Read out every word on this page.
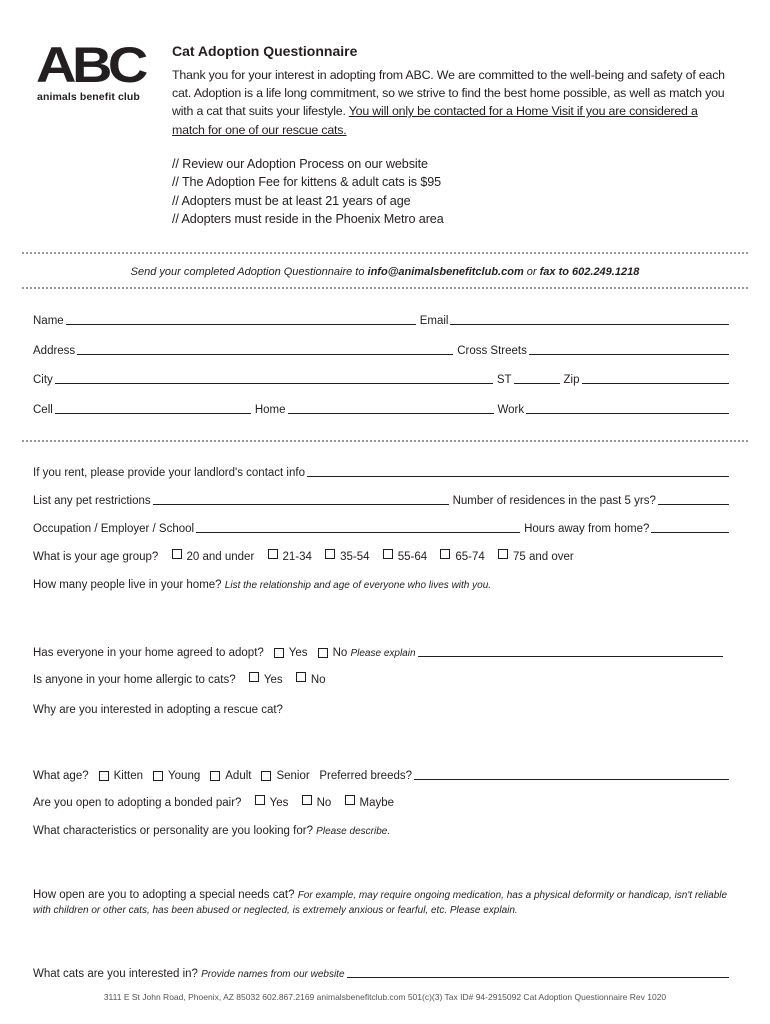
ABC
animals benefit club
Cat Adoption Questionnaire
Thank you for your interest in adopting from ABC. We are committed to the well-being and safety of each cat. Adoption is a life long commitment, so we strive to find the best home possible, as well as match you with a cat that suits your lifestyle. You will only be contacted for a Home Visit if you are considered a match for one of our rescue cats.
// Review our Adoption Process on our website
// The Adoption Fee for kittens & adult cats is $95
// Adopters must be at least 21 years of age
// Adopters must reside in the Phoenix Metro area
Send your completed Adoption Questionnaire to info@animalsbenefitclub.com or fax to 602.249.1218
Name	Email
Address	Cross Streets
City	ST	Zip
Cell	Home	Work
If you rent, please provide your landlord's contact info
List any pet restrictions	Number of residences in the past 5 yrs?
Occupation / Employer / School	Hours away from home?
What is your age group? 20 and under 21-34 35-54 55-64 65-74 75 and over
How many people live in your home? List the relationship and age of everyone who lives with you.
Has everyone in your home agreed to adopt? Yes No
Please explain
Is anyone in your home allergic to cats? Yes No
Why are you interested in adopting a rescue cat?
What age? Kitten Young Adult Senior
Preferred breeds?
Are you open to adopting a bonded pair? Yes No Maybe
What characteristics or personality are you looking for? Please describe.
How open are you to adopting a special needs cat? For example, may require ongoing medication, has a physical deformity or handicap, isn't reliable with children or other cats, has been abused or neglected, is extremely anxious or fearful, etc. Please explain.
What cats are you interested in?
Provide names from our website
3111 E St John Road, Phoenix, AZ 85032 602.867.2169 animalsbenefitclub.com 501(c)(3) Tax ID# 94-2915092 Cat Adoption Questionnaire Rev 1020
